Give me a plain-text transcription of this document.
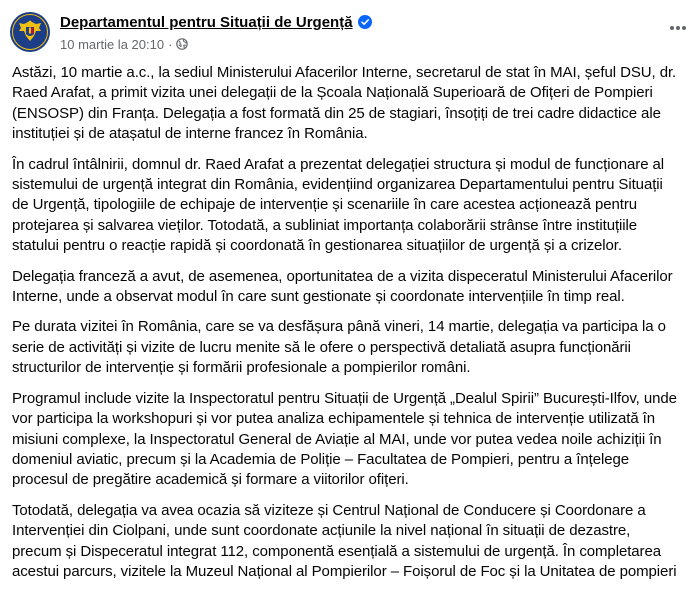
Departamentul pentru Situații de Urgență
10 martie la 20:10 ·

Astăzi, 10 martie a.c., la sediul Ministerului Afacerilor Interne, secretarul de stat în MAI, șeful DSU, dr.
Raed Arafat, a primit vizita unei delegații de la Școala Națională Superioară de Ofițeri de Pompieri
(ENSOSP) din Franța. Delegația a fost formată din 25 de stagiari, însoțiți de trei cadre didactice ale
instituției și de atașatul de interne francez în România.

În cadrul întâlnirii, domnul dr. Raed Arafat a prezentat delegației structura și modul de funcționare al
sistemului de urgență integrat din România, evidențiind organizarea Departamentului pentru Situații
de Urgență, tipologiile de echipaje de intervenție și scenariile în care acestea acționează pentru
protejarea și salvarea vieților. Totodată, a subliniat importanța colaborării strânse între instituțiile
statului pentru o reacție rapidă și coordonată în gestionarea situațiilor de urgență și a crizelor.

Delegația franceză a avut, de asemenea, oportunitatea de a vizita dispeceratul Ministerului Afacerilor
Interne, unde a observat modul în care sunt gestionate și coordonate intervențiile în timp real.

Pe durata vizitei în România, care se va desfășura până vineri, 14 martie, delegația va participa la o
serie de activități și vizite de lucru menite să le ofere o perspectivă detaliată asupra funcționării
structurilor de intervenție și formării profesionale a pompierilor români.

Programul include vizite la Inspectoratul pentru Situații de Urgență „Dealul Spirii” București-Ilfov, unde
vor participa la workshopuri și vor putea analiza echipamentele și tehnica de intervenție utilizată în
misiuni complexe, la Inspectoratul General de Aviație al MAI, unde vor putea vedea noile achiziții în
domeniul aviatic, precum și la Academia de Poliție – Facultatea de Pompieri, pentru a înțelege
procesul de pregătire academică și formare a viitorilor ofițeri.

Totodată, delegația va avea ocazia să viziteze și Centrul Național de Conducere și Coordonare a
Intervenției din Ciolpani, unde sunt coordonate acțiunile la nivel național în situații de dezastre,
precum și Dispeceratul integrat 112, componentă esențială a sistemului de urgență. În completarea
acestui parcurs, vizitele la Muzeul Național al Pompierilor – Foișorul de Foc și la Unitatea de pompieri
